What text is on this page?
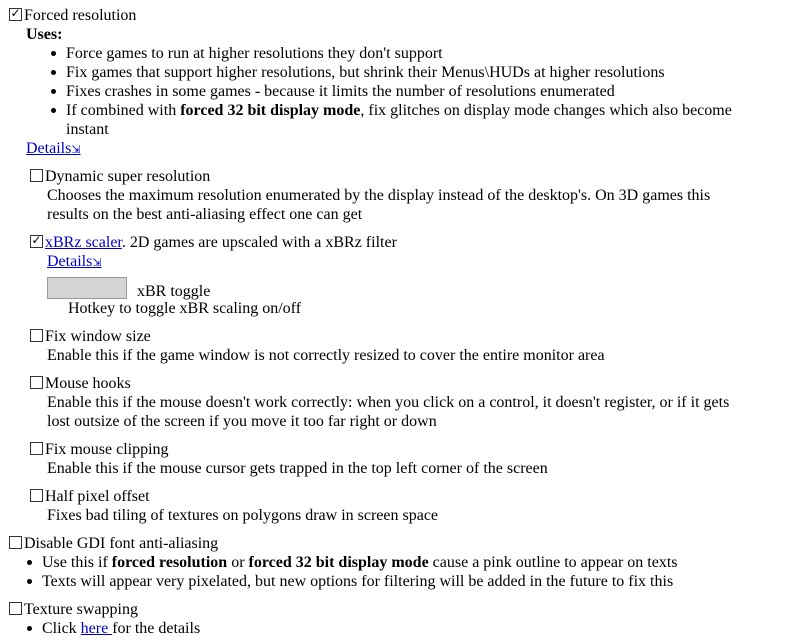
✓ Forced resolution
Uses:
Force games to run at higher resolutions they don't support
Fix games that support higher resolutions, but shrink their Menus\HUDs at higher resolutions
Fixes crashes in some games - because it limits the number of resolutions enumerated
If combined with forced 32 bit display mode, fix glitches on display mode changes which also become
instant
Details⇲
Dynamic super resolution
Chooses the maximum resolution enumerated by the display instead of the desktop's. On 3D games this
results on the best anti-aliasing effect one can get
✓ xBRz scaler. 2D games are upscaled with a xBRz filter
Details⇲
xBR toggle
Hotkey to toggle xBR scaling on/off
Fix window size
Enable this if the game window is not correctly resized to cover the entire monitor area
Mouse hooks
Enable this if the mouse doesn't work correctly: when you click on a control, it doesn't register, or if it gets
lost outsize of the screen if you move it too far right or down
Fix mouse clipping
Enable this if the mouse cursor gets trapped in the top left corner of the screen
Half pixel offset
Fixes bad tiling of textures on polygons draw in screen space
Disable GDI font anti-aliasing
Use this if forced resolution or forced 32 bit display mode cause a pink outline to appear on texts
Texts will appear very pixelated, but new options for filtering will be added in the future to fix this
Texture swapping
Click here for the details
